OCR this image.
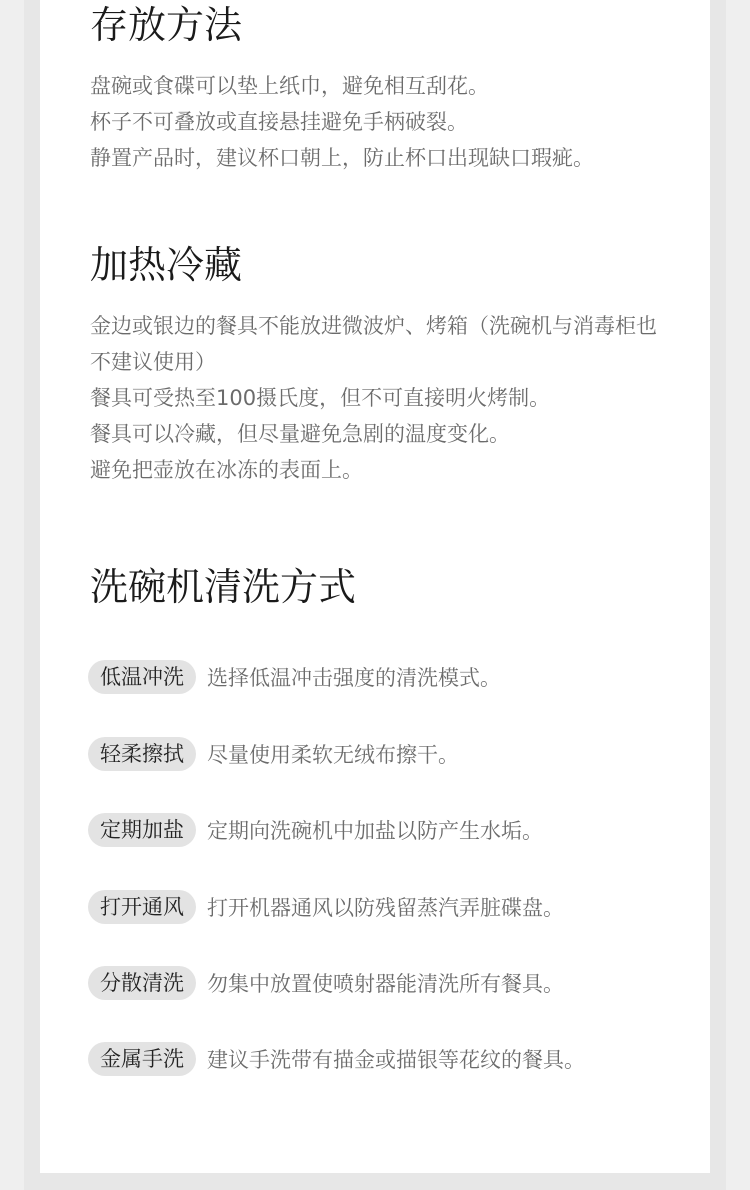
存放方法
盘碗或食碟可以垫上纸巾，避免相互刮花。
杯子不可叠放或直接悬挂避免手柄破裂。
静置产品时，建议杯口朝上，防止杯口出现缺口瑕疵。
加热冷藏
金边或银边的餐具不能放进微波炉、烤箱（洗碗机与消毒柜也不建议使用）
餐具可受热至100摄氏度，但不可直接明火烤制。
餐具可以冷藏，但尽量避免急剧的温度变化。
避免把壶放在冰冻的表面上。
洗碗机清洗方式
低温冲洗	选择低温冲击强度的清洗模式。
轻柔擦拭	尽量使用柔软无绒布擦干。
定期加盐	定期向洗碗机中加盐以防产生水垢。
打开通风	打开机器通风以防残留蒸汽弄脏碟盘。
分散清洗	勿集中放置使喷射器能清洗所有餐具。
金属手洗	建议手洗带有描金或描银等花纹的餐具。
